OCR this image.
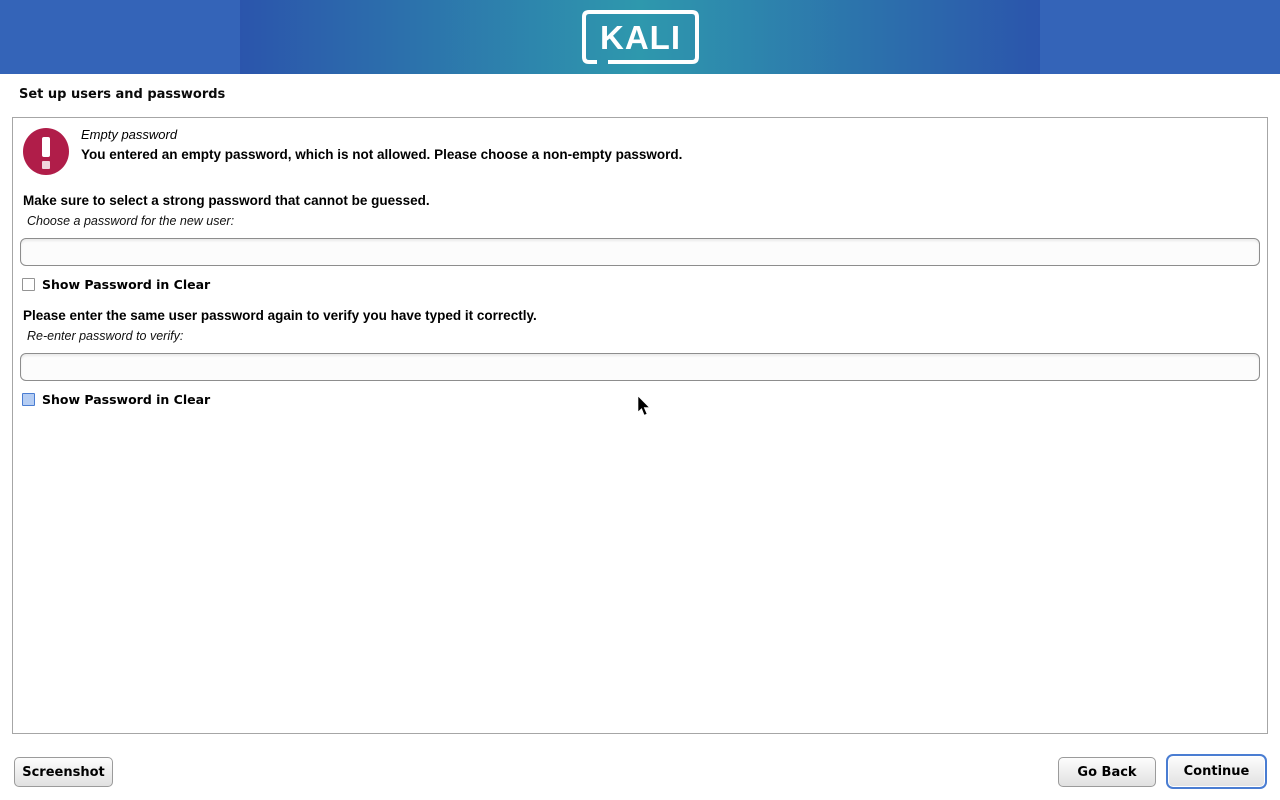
KALI
Set up users and passwords
Empty password
You entered an empty password, which is not allowed. Please choose a non-empty password.
Make sure to select a strong password that cannot be guessed.
Choose a password for the new user:
Show Password in Clear
Please enter the same user password again to verify you have typed it correctly.
Re-enter password to verify:
Show Password in Clear
Screenshot	Go Back	Continue
